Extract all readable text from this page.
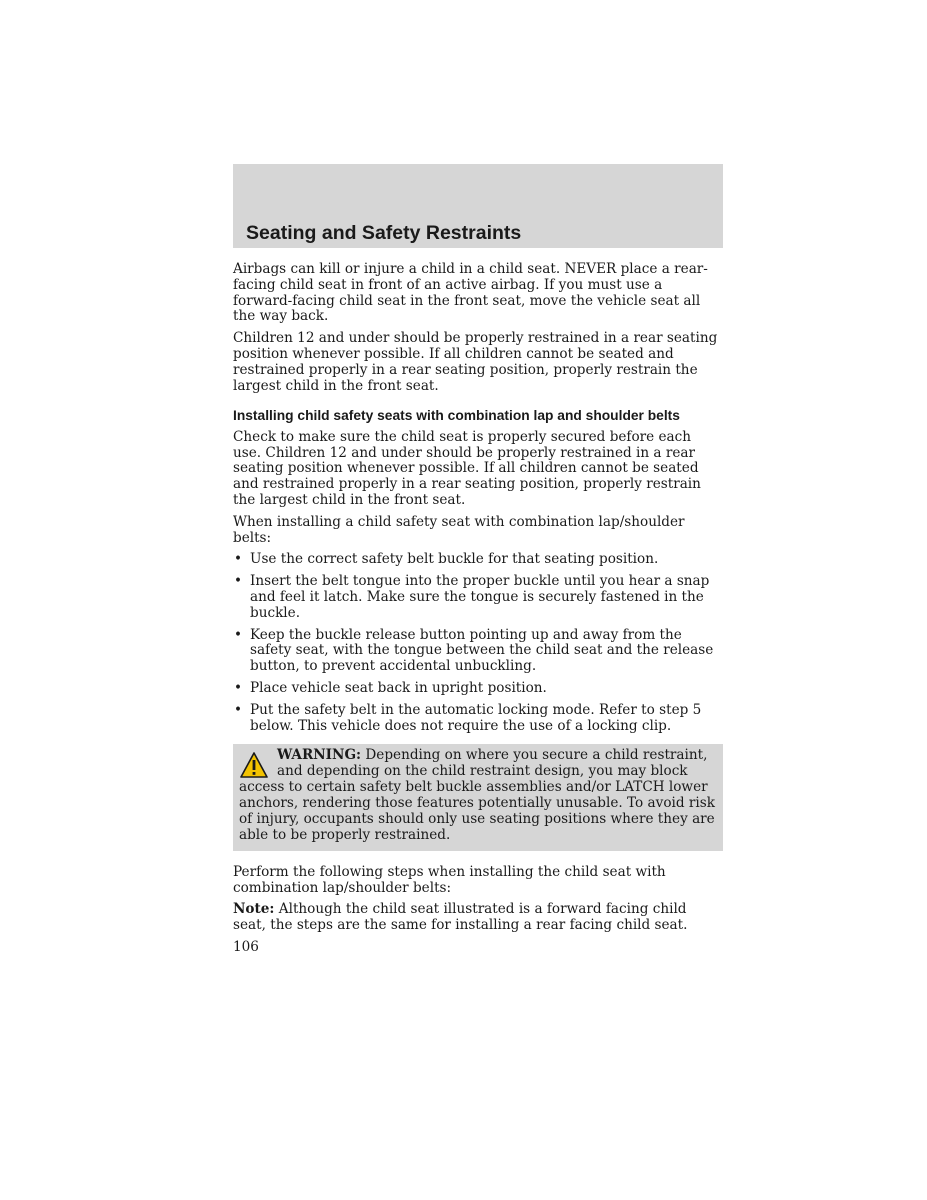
Seating and Safety Restraints

Airbags can kill or injure a child in a child seat. NEVER place a rear-facing child seat in front of an active airbag. If you must use a forward-facing child seat in the front seat, move the vehicle seat all the way back.

Children 12 and under should be properly restrained in a rear seating position whenever possible. If all children cannot be seated and restrained properly in a rear seating position, properly restrain the largest child in the front seat.

Installing child safety seats with combination lap and shoulder belts

Check to make sure the child seat is properly secured before each use. Children 12 and under should be properly restrained in a rear seating position whenever possible. If all children cannot be seated and restrained properly in a rear seating position, properly restrain the largest child in the front seat.

When installing a child safety seat with combination lap/shoulder belts:

• Use the correct safety belt buckle for that seating position.
• Insert the belt tongue into the proper buckle until you hear a snap and feel it latch. Make sure the tongue is securely fastened in the buckle.
• Keep the buckle release button pointing up and away from the safety seat, with the tongue between the child seat and the release button, to prevent accidental unbuckling.
• Place vehicle seat back in upright position.
• Put the safety belt in the automatic locking mode. Refer to step 5 below. This vehicle does not require the use of a locking clip.
WARNING: Depending on where you secure a child restraint, and depending on the child restraint design, you may block access to certain safety belt buckle assemblies and/or LATCH lower anchors, rendering those features potentially unusable. To avoid risk of injury, occupants should only use seating positions where they are able to be properly restrained.

Perform the following steps when installing the child seat with combination lap/shoulder belts:

Note: Although the child seat illustrated is a forward facing child seat, the steps are the same for installing a rear facing child seat.

106
